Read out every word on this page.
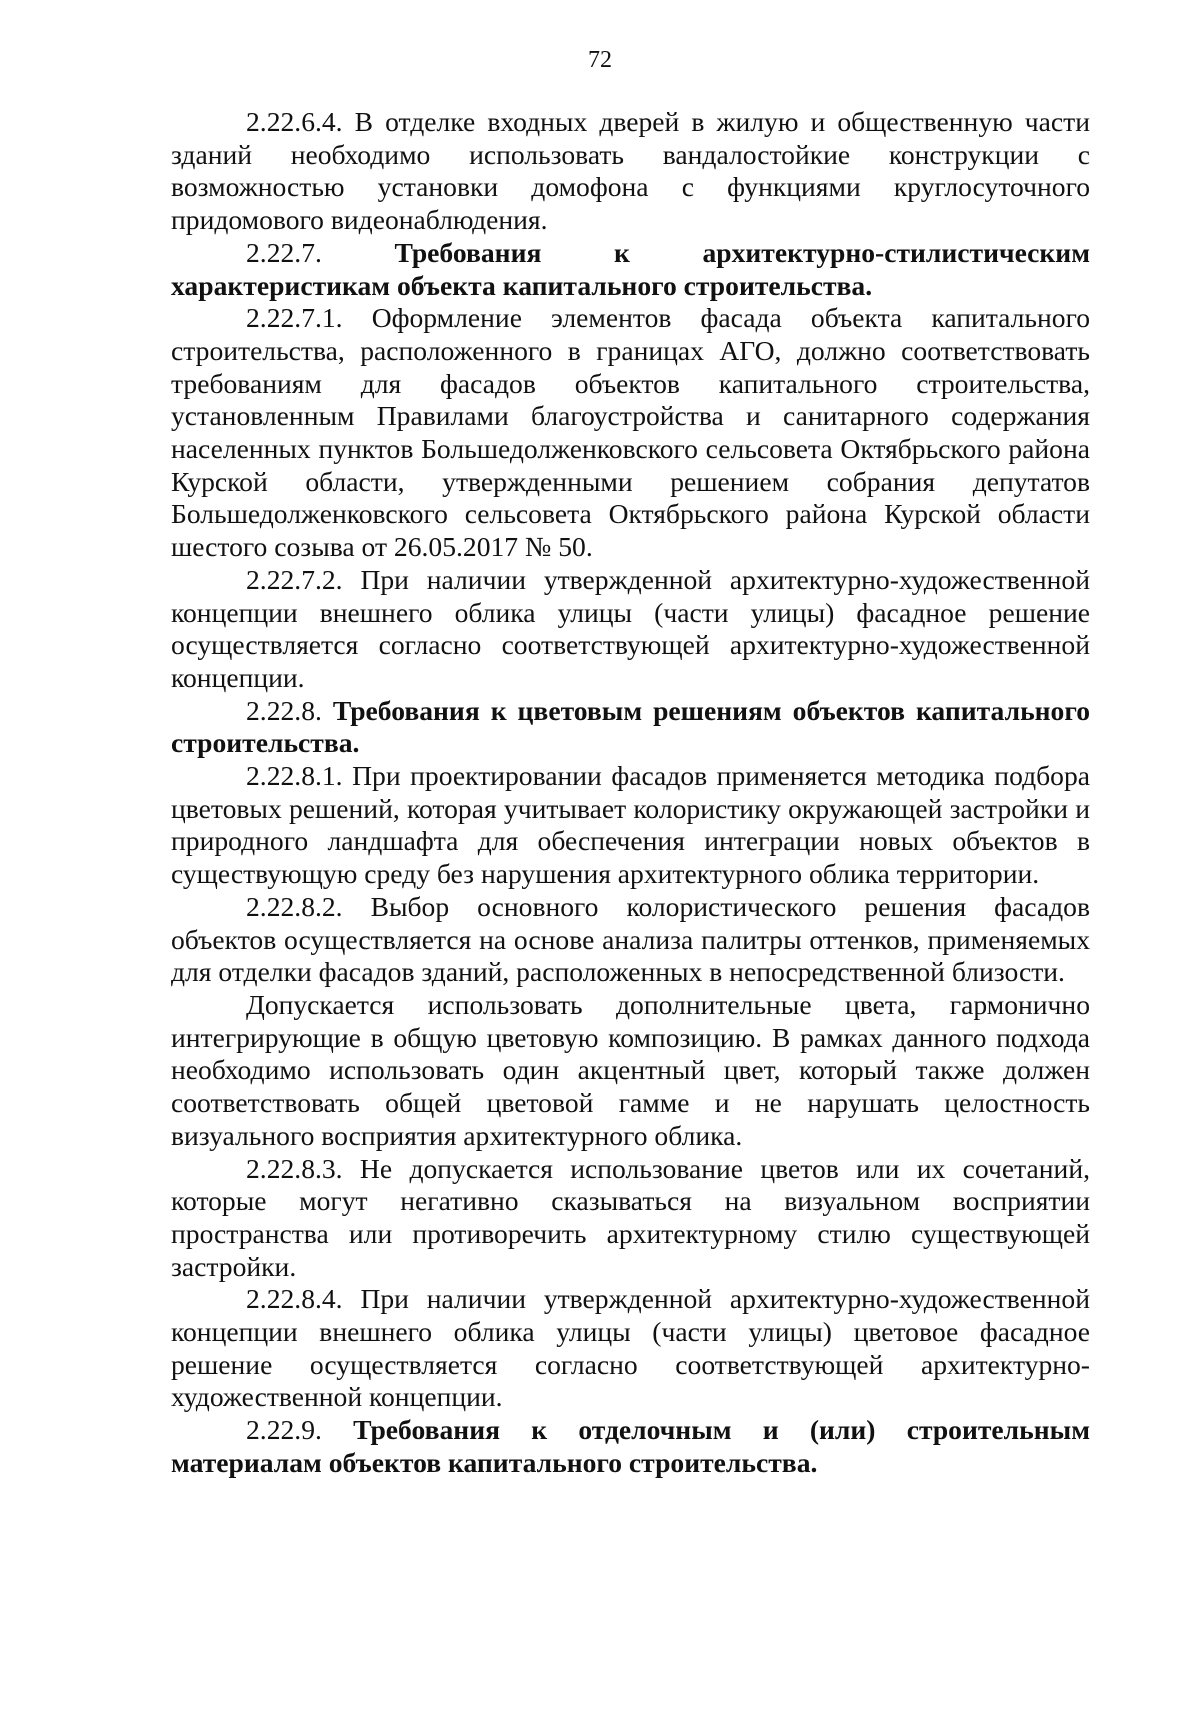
72

2.22.6.4. В отделке входных дверей в жилую и общественную части зданий необходимо использовать вандалостойкие конструкции с возможностью установки домофона с функциями круглосуточного придомового видеонаблюдения.

2.22.7.	Требования к архитектурно-стилистическим характеристикам объекта капитального строительства.

2.22.7.1. Оформление элементов фасада объекта капитального строительства, расположенного в границах АГО, должно соответствовать требованиям для фасадов объектов капитального строительства, установленным Правилами благоустройства и санитарного содержания населенных пунктов Большедолженковского сельсовета Октябрьского района Курской области, утвержденными решением собрания депутатов Большедолженковского сельсовета Октябрьского района Курской области шестого созыва от 26.05.2017 № 50.

2.22.7.2. При наличии утвержденной архитектурно-художественной концепции внешнего облика улицы (части улицы) фасадное решение осуществляется согласно соответствующей архитектурно-художественной концепции.

2.22.8. Требования к цветовым решениям объектов капитального строительства.

2.22.8.1. При проектировании фасадов применяется методика подбора цветовых решений, которая учитывает колористику окружающей застройки и природного ландшафта для обеспечения интеграции новых объектов в существующую среду без нарушения архитектурного облика территории.

2.22.8.2. Выбор основного колористического решения фасадов объектов осуществляется на основе анализа палитры оттенков, применяемых для отделки фасадов зданий, расположенных в непосредственной близости.

Допускается использовать дополнительные цвета, гармонично интегрирующие в общую цветовую композицию. В рамках данного подхода необходимо использовать один акцентный цвет, который также должен соответствовать общей цветовой гамме и не нарушать целостность визуального восприятия архитектурного облика.

2.22.8.3. Не допускается использование цветов или их сочетаний, которые могут негативно сказываться на визуальном восприятии пространства или противоречить архитектурному стилю существующей застройки.

2.22.8.4. При наличии утвержденной архитектурно-художественной концепции внешнего облика улицы (части улицы) цветовое фасадное решение осуществляется согласно соответствующей архитектурно-художественной концепции.

2.22.9. Требования к отделочным и (или) строительным материалам объектов капитального строительства.
